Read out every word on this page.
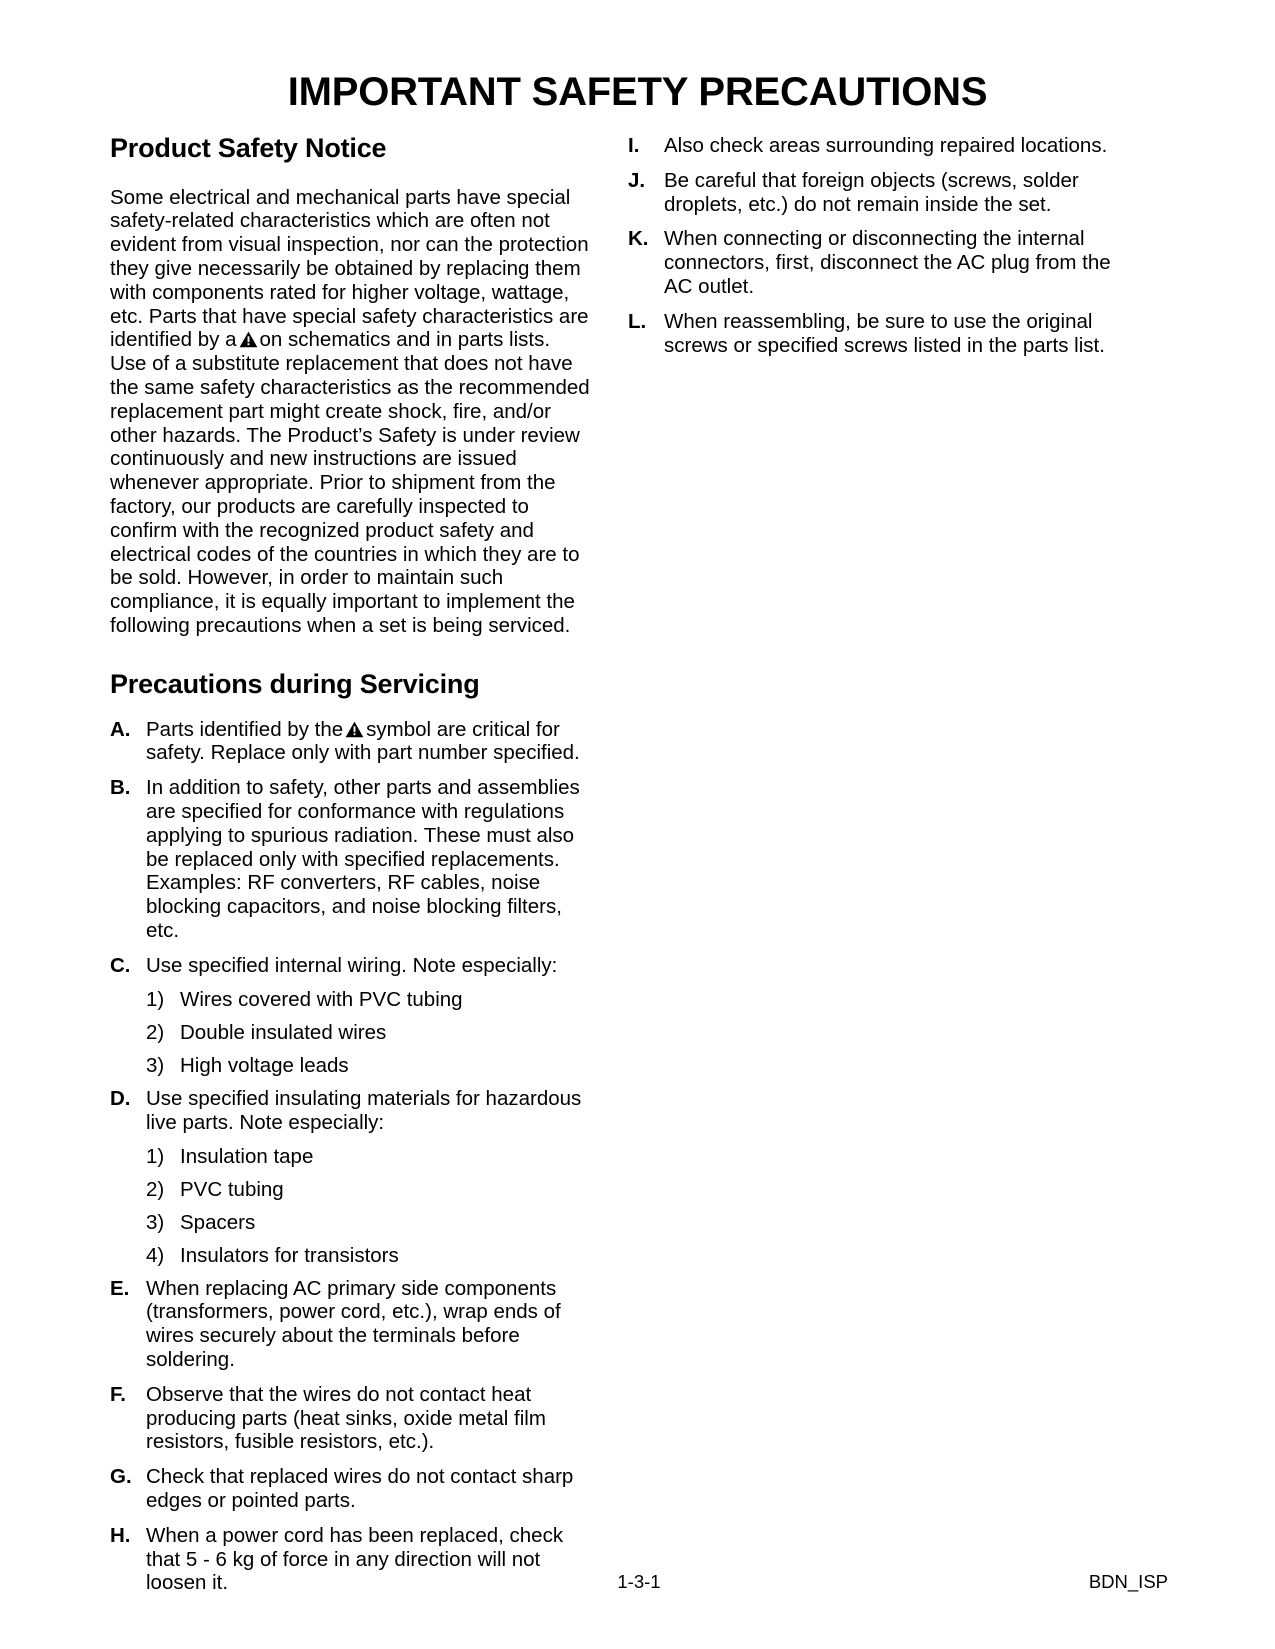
IMPORTANT SAFETY PRECAUTIONS
Product Safety Notice

Some electrical and mechanical parts have special safety-related characteristics which are often not evident from visual inspection, nor can the protection they give necessarily be obtained by replacing them with components rated for higher voltage, wattage, etc. Parts that have special safety characteristics are identified by a on schematics and in parts lists. Use of a substitute replacement that does not have the same safety characteristics as the recommended replacement part might create shock, fire, and/or other hazards. The Product’s Safety is under review continuously and new instructions are issued whenever appropriate. Prior to shipment from the factory, our products are carefully inspected to confirm with the recognized product safety and electrical codes of the countries in which they are to be sold. However, in order to maintain such compliance, it is equally important to implement the following precautions when a set is being serviced.

Precautions during Servicing
A. Parts identified by the symbol are critical for safety. Replace only with part number specified.
B. In addition to safety, other parts and assemblies are specified for conformance with regulations applying to spurious radiation. These must also be replaced only with specified replacements. Examples: RF converters, RF cables, noise blocking capacitors, and noise blocking filters, etc.
C. Use specified internal wiring. Note especially:
1) Wires covered with PVC tubing
2) Double insulated wires
3) High voltage leads
D. Use specified insulating materials for hazardous live parts. Note especially:
1) Insulation tape
2) PVC tubing
3) Spacers
4) Insulators for transistors
E. When replacing AC primary side components (transformers, power cord, etc.), wrap ends of wires securely about the terminals before soldering.
F. Observe that the wires do not contact heat producing parts (heat sinks, oxide metal film resistors, fusible resistors, etc.).
G. Check that replaced wires do not contact sharp edges or pointed parts.
H. When a power cord has been replaced, check that 5 - 6 kg of force in any direction will not loosen it.
I.	Also check areas surrounding repaired locations.
J. Be careful that foreign objects (screws, solder droplets, etc.) do not remain inside the set.
K. When connecting or disconnecting the internal connectors, first, disconnect the AC plug from the AC outlet.
L. When reassembling, be sure to use the original screws or specified screws listed in the parts list.
1-3-1	BDN_ISP
